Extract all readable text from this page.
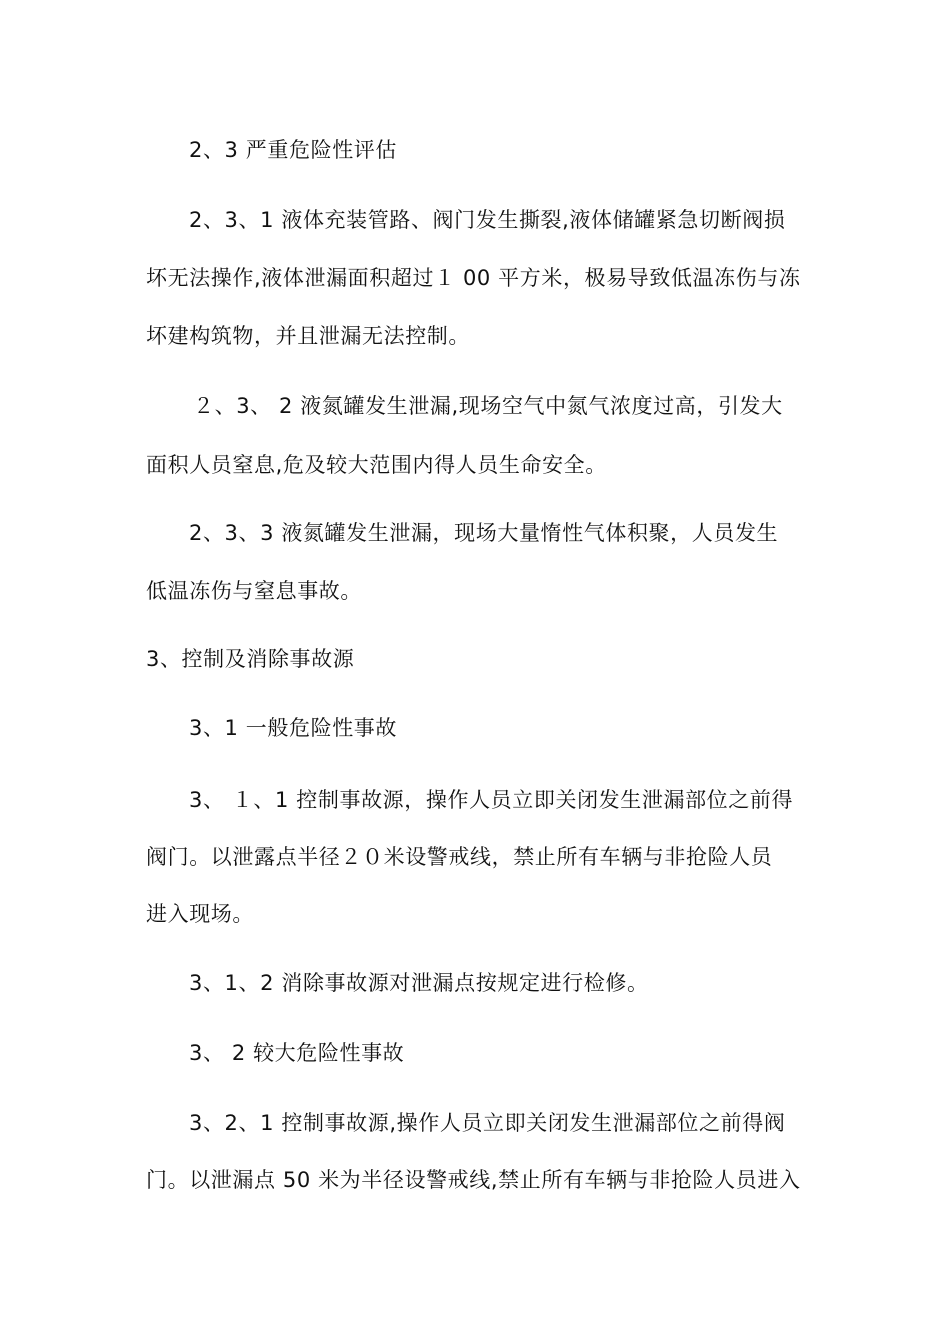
2、3 严重危险性评估
2、3、1 液体充装管路、阀门发生撕裂,液体储罐紧急切断阀损
坏无法操作,液体泄漏面积超过１ 00 平方米，极易导致低温冻伤与冻
坏建构筑物，并且泄漏无法控制。
２、3、 2 液氮罐发生泄漏,现场空气中氮气浓度过高，引发大
面积人员窒息,危及较大范围内得人员生命安全。
2、3、3 液氮罐发生泄漏，现场大量惰性气体积聚，人员发生
低温冻伤与窒息事故。
3、控制及消除事故源
3、1 一般危险性事故
3、 １、1 控制事故源，操作人员立即关闭发生泄漏部位之前得
阀门。以泄露点半径２０米设警戒线，禁止所有车辆与非抢险人员
进入现场。
3、1、2 消除事故源对泄漏点按规定进行检修。
3、 2 较大危险性事故
3、2、1 控制事故源,操作人员立即关闭发生泄漏部位之前得阀
门。以泄漏点 50 米为半径设警戒线,禁止所有车辆与非抢险人员进入
